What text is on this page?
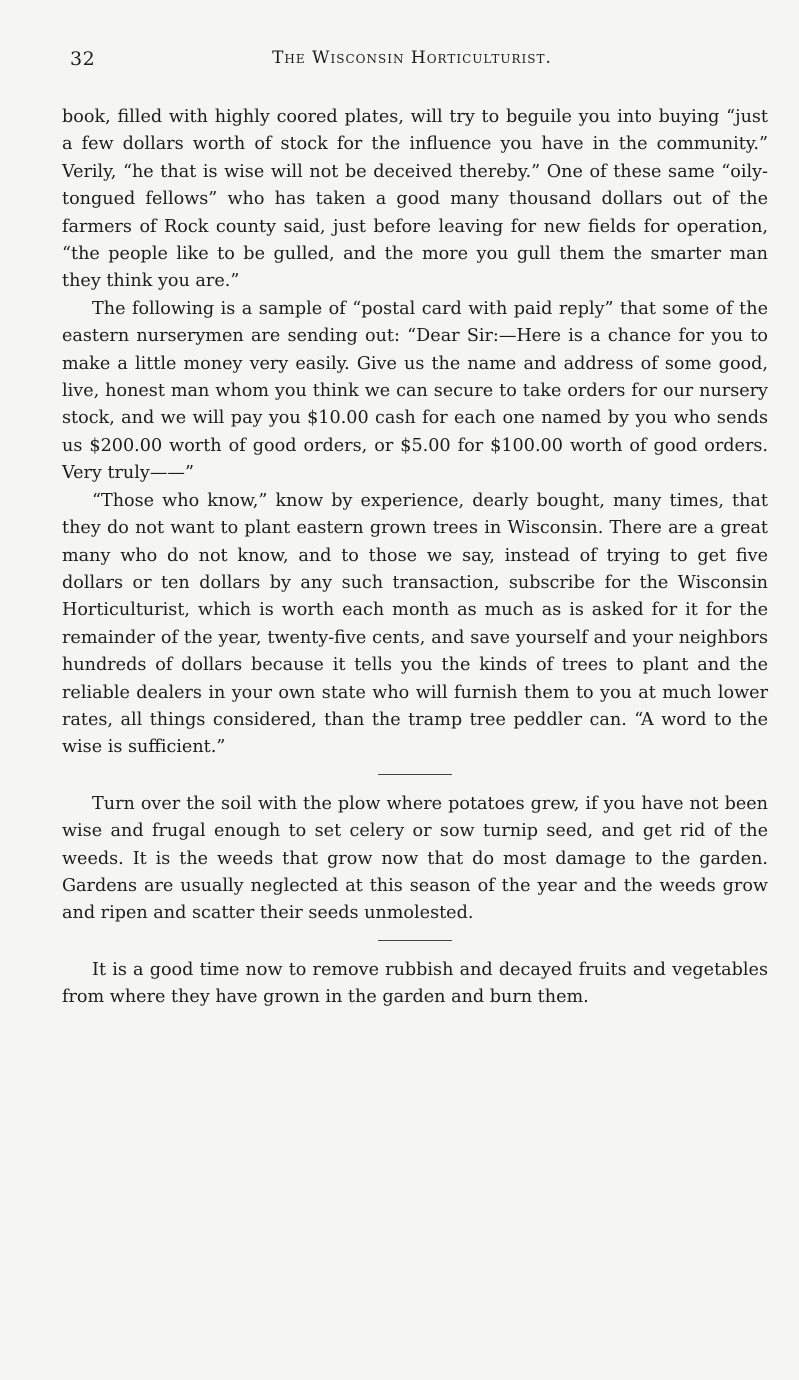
32	The Wisconsin Horticulturist.

book, filled with highly coored plates, will try to beguile you into buying “just a few dollars worth of stock for the influence you have in the community.” Verily, “he that is wise will not be deceived thereby.” One of these same “oily-tongued fellows” who has taken a good many thousand dollars out of the farmers of Rock county said, just before leaving for new fields for operation, “the people like to be gulled, and the more you gull them the smarter man they think you are.”

The following is a sample of “postal card with paid reply” that some of the eastern nurserymen are sending out: “Dear Sir:—Here is a chance for you to make a little money very easily. Give us the name and address of some good, live, honest man whom you think we can secure to take orders for our nursery stock, and we will pay you $10.00 cash for each one named by you who sends us $200.00 worth of good orders, or $5.00 for $100.00 worth of good orders. Very truly——”

“Those who know,” know by experience, dearly bought, many times, that they do not want to plant eastern grown trees in Wisconsin. There are a great many who do not know, and to those we say, instead of trying to get five dollars or ten dollars by any such transaction, subscribe for the Wisconsin Horticulturist, which is worth each month as much as is asked for it for the remainder of the year, twenty-five cents, and save yourself and your neighbors hundreds of dollars because it tells you the kinds of trees to plant and the reliable dealers in your own state who will furnish them to you at much lower rates, all things considered, than the tramp tree peddler can. “A word to the wise is sufficient.”

Turn over the soil with the plow where potatoes grew, if you have not been wise and frugal enough to set celery or sow turnip seed, and get rid of the weeds. It is the weeds that grow now that do most damage to the garden. Gardens are usually neglected at this season of the year and the weeds grow and ripen and scatter their seeds unmolested.

It is a good time now to remove rubbish and decayed fruits and vegetables from where they have grown in the garden and burn them.
